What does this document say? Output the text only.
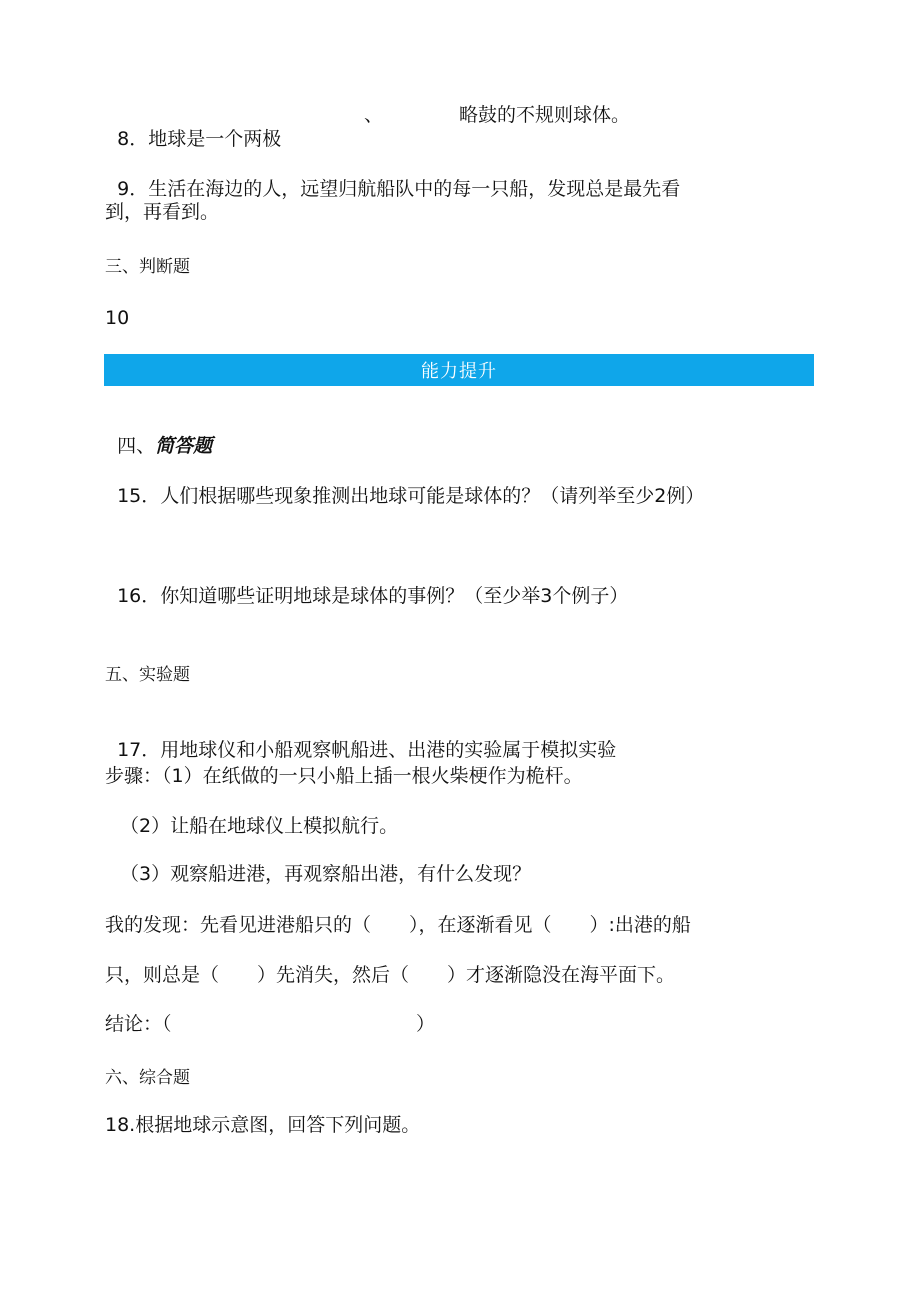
8．地球是一个两极

、	略鼓的不规则球体。

9．生活在海边的人，远望归航船队中的每一只船，发现总是最先看

到，再看到。
三、判断题
10
能力提升

四、简答题

15．人们根据哪些现象推测出地球可能是球体的？（请列举至少2例）

16．你知道哪些证明地球是球体的事例？（至少举3个例子）

五、实验题

17．用地球仪和小船观察帆船进、出港的实验属于模拟实验

步骤：（1）在纸做的一只小船上插一根火柴梗作为桅杆。
（2）让船在地球仪上模拟航行。
（3）观察船进港，再观察船出港，有什么发现？
我的发现：先看见进港船只的（　　），在逐渐看见（　　）:出港的船
只，则总是（　　）先消失，然后（　　）才逐渐隐没在海平面下。
结论：（	）
六、综合题
18.根据地球示意图，回答下列问题。
